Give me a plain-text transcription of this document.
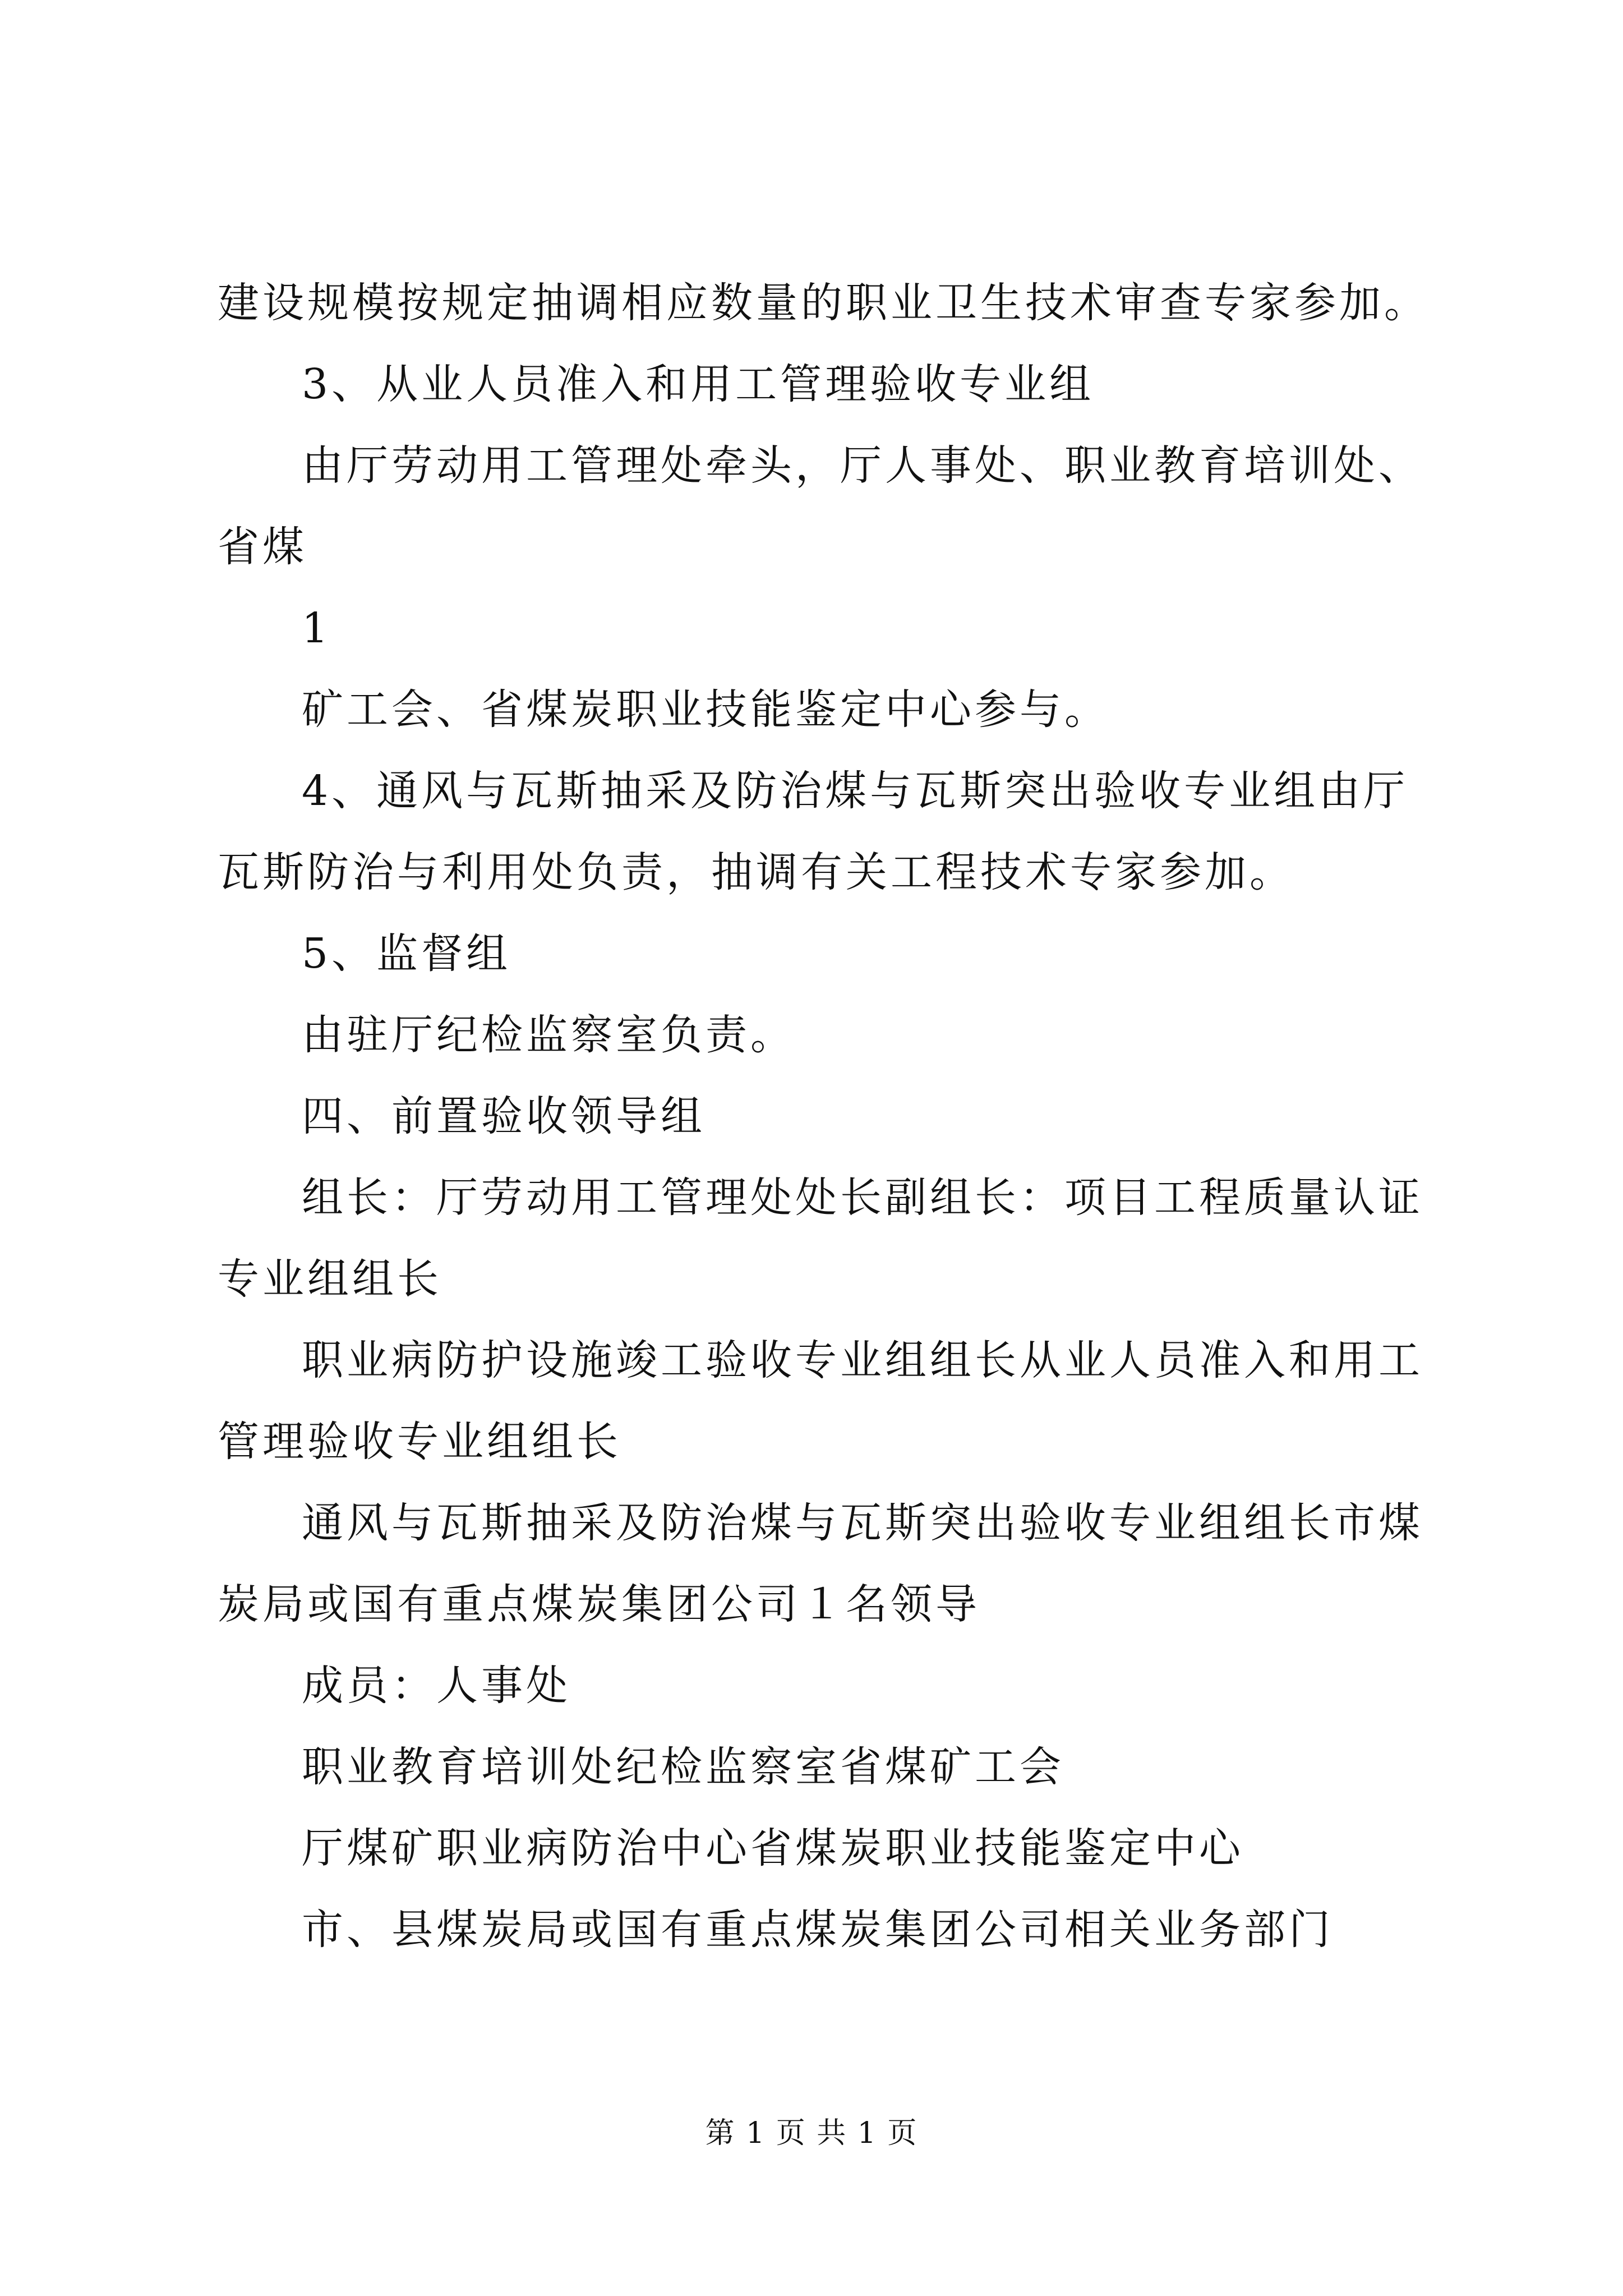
建设规模按规定抽调相应数量的职业卫生技术审查专家参加。

3、从业人员准入和用工管理验收专业组

由厅劳动用工管理处牵头，厅人事处、职业教育培训处、省煤

1

矿工会、省煤炭职业技能鉴定中心参与。

4、通风与瓦斯抽采及防治煤与瓦斯突出验收专业组由厅瓦斯防治与利用处负责，抽调有关工程技术专家参加。

5、监督组

由驻厅纪检监察室负责。

四、前置验收领导组

组长：厅劳动用工管理处处长副组长：项目工程质量认证专业组组长

职业病防护设施竣工验收专业组组长从业人员准入和用工管理验收专业组组长

通风与瓦斯抽采及防治煤与瓦斯突出验收专业组组长市煤炭局或国有重点煤炭集团公司１名领导

成员：人事处

职业教育培训处纪检监察室省煤矿工会

厅煤矿职业病防治中心省煤炭职业技能鉴定中心

市、县煤炭局或国有重点煤炭集团公司相关业务部门

第 1 页 共 1 页
